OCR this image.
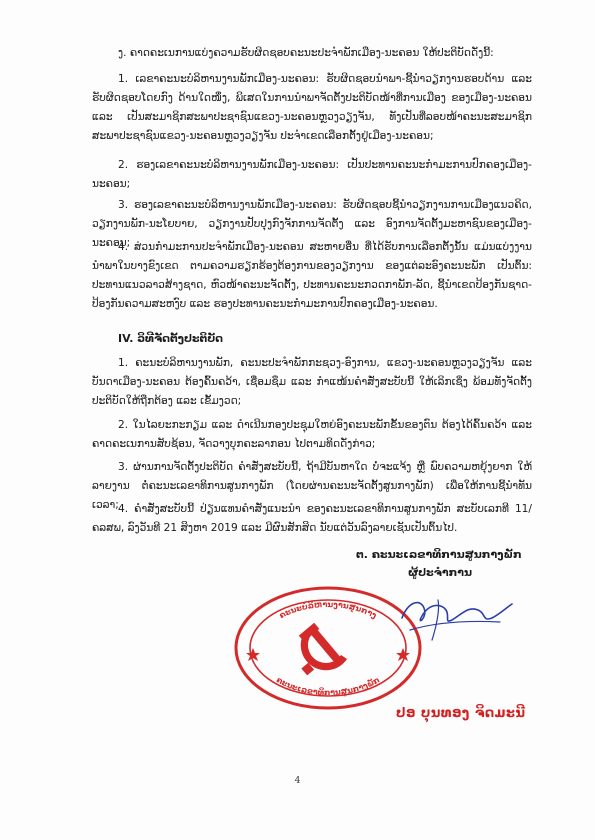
ງ. ຄາດຄະເນການແບ່ງຄວາມຮັບຜິດຊອບຄະນະປະຈຳພັກເມືອງ-ນະຄອນ ໃຫ້ປະຕິບັດດັ່ງນີ້:

1. ເລຂາຄະນະບໍລິຫານງານພັກເມືອງ-ນະຄອນ: ຮັບຜິດຊອບນຳພາ-ຊີ້ນຳວຽກງານຮອບດ້ານ ແລະ ຮັບຜິດຊອບໂດຍກົງ ດ້ານໃດໜຶ່ງ, ພິເສດໃນການນຳພາຈັດຕັ້ງປະຕິບັດໜ້າທີ່ການເມືອງ ຂອງເມືອງ-ນະຄອນ ແລະ ເປັນສະມາຊິກສະພາປະຊາຊົນແຂວງ-ນະຄອນຫຼວງວຽງຈັນ, ທັງເປັນທີ່ລອບໜ້າຄະນະສະມາຊິກສະພາປະຊາຊົນແຂວງ-ນະຄອນຫຼວງວຽງຈັນ ປະຈຳເຂດເລືອກຕັ້ງຢູ່ເມືອງ-ນະຄອນ;

2. ຮອງເລຂາຄະນະບໍລິຫານງານພັກເມືອງ-ນະຄອນ: ເປັນປະທານຄະນະກຳມະການປົກຄອງເມືອງ-ນະຄອນ;

3. ຮອງເລຂາຄະນະບໍລິຫານງານພັກເມືອງ-ນະຄອນ: ຮັບຜິດຊອບຊີ້ນຳວຽກງານການເມືອງແນວຄິດ, ວຽກງານພັກ-ນະໂຍບາຍ, ວຽກງານປັບປຸງກົງຈັກການຈັດຕັ້ງ ແລະ ອົງການຈັດຕັ້ງມະຫາຊົນຂອງເມືອງ-ນະຄອນ;

4. ສ່ວນກຳມະການປະຈຳພັກເມືອງ-ນະຄອນ ສະຫາຍອື່ນ ທີ່ໄດ້ຮັບການເລືອກຕັ້ງນັ້ນ ແມ່ນແບ່ງງານນຳພາໃນບາງຂົງເຂດ ຕາມຄວາມຮຽກຮ້ອງຕ້ອງການຂອງວຽກງານ ຂອງແຕ່ລະອົງຄະນະພັກ ເປັນຕົ້ນ: ປະທານແນວລາວສ້າງຊາດ, ຫົວໜ້າຄະນະຈັດຕັ້ງ, ປະທານຄະນະກວດກາພັກ-ລັດ, ຊີ້ນຳເຂດປ້ອງກັນຊາດ-ປ້ອງກັນຄວາມສະຫງົບ ແລະ ຮອງປະທານຄະນະກຳມະການປົກຄອງເມືອງ-ນະຄອນ.

IV. ວິທີຈັດຕັ້ງປະຕິບັດ

1. ຄະນະບໍລິຫານງານພັກ, ຄະນະປະຈຳພັກກະຊວງ-ອົງການ, ແຂວງ-ນະຄອນຫຼວງວຽງຈັນ ແລະ ບັນດາເມືອງ-ນະຄອນ ຕ້ອງຄົ້ນຄວ້າ, ເຊື່ອມຊຶມ ແລະ ກຳແໜ້ນຄຳສັ່ງສະບັບນີ້ ໃຫ້ເລິກເຊິ່ງ ພ້ອມທັງຈັດຕັ້ງປະຕິບັດໃຫ້ຖືກຕ້ອງ ແລະ ເຂັ້ມງວດ;

2. ໃນໄລຍະກະກຽມ ແລະ ດຳເນີນກອງປະຊຸມໃຫຍ່ອົງຄະນະພັກຂັ້ນຂອງຕົນ ຕ້ອງໄດ້ຄົ້ນຄວ້າ ແລະ ຄາດຄະເນການສັບຊ້ອນ, ຈັດວາງບຸກຄະລາກອນ ໄປຕາມທິດດັ່ງກ່າວ;

3. ຜ່ານການຈັດຕັ້ງປະຕິບັດ ຄຳສັ່ງສະບັບນີ້, ຖ້າມີບັນຫາໃດ ບໍ່ຈະແຈ້ງ ຫຼື ພົບຄວາມຫຍຸ້ງຍາກ ໃຫ້ລາຍງານ ຕໍ່ຄະນະເລຂາທິການສູນກາງພັກ (ໂດຍຜ່ານຄະນະຈັດຕັ້ງສູນກາງພັກ) ເພື່ອໃຫ້ການຊີ້ນຳທັນເວລາ; 4. ຄຳສັ່ງສະບັບນີ້ ປ່ຽນແທນຄຳສັ່ງແນະນຳ ຂອງຄະນະເລຂາທິການສູນກາງພັກ ສະບັບເລກທີ 11/ ຄລສພ, ລົງວັນທີ 21 ສິງຫາ 2019 ແລະ ມີຜົນສັກສິດ ນັບແຕ່ວັນລົງລາຍເຊັນເປັນຕົ້ນໄປ.

ຕ. ຄະນະເລຂາທິການສູນກາງພັກ

ຜູ້ປະຈຳການ

ຄະນະບໍລິຫານງານສູນກາງ
ຄະນະເລຂາທິການສູນກາງພັກ

ປອ ບຸນທອງ ຈິດມະນີ

4
